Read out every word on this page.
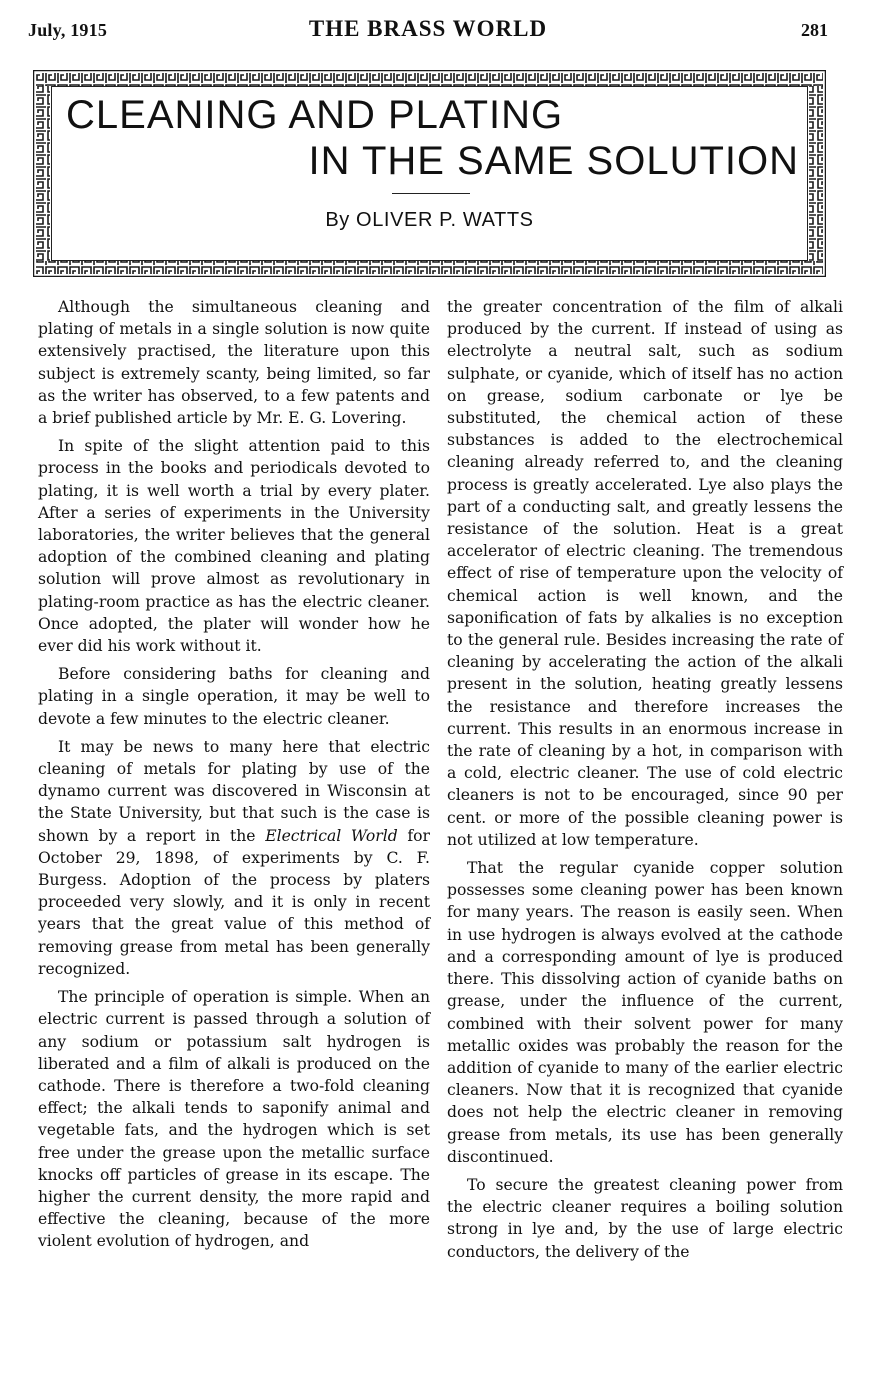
July, 1915	THE BRASS WORLD	281
CLEANING AND PLATING
IN THE SAME SOLUTION
By OLIVER P. WATTS

Although the simultaneous cleaning and plating of metals in a single solution is now quite extensively practised, the literature upon this subject is extremely scanty, being limited, so far as the writer has observed, to a few patents and a brief published article by Mr. E. G. Lovering.

In spite of the slight attention paid to this process in the books and periodicals devoted to plating, it is well worth a trial by every plater. After a series of experiments in the University laboratories, the writer believes that the general adoption of the combined cleaning and plating solution will prove almost as revolutionary in plating-room practice as has the electric cleaner. Once adopted, the plater will wonder how he ever did his work without it.

Before considering baths for cleaning and plating in a single operation, it may be well to devote a few minutes to the electric cleaner.

It may be news to many here that electric cleaning of metals for plating by use of the dynamo current was discovered in Wisconsin at the State University, but that such is the case is shown by a report in the Electrical World for October 29, 1898, of experiments by C. F. Burgess. Adoption of the process by platers proceeded very slowly, and it is only in recent years that the great value of this method of removing grease from metal has been generally recognized.

The principle of operation is simple. When an electric current is passed through a solution of any sodium or potassium salt hydrogen is liberated and a film of alkali is produced on the cathode. There is therefore a two-fold cleaning effect; the alkali tends to saponify animal and vegetable fats, and the hydrogen which is set free under the grease upon the metallic surface knocks off particles of grease in its escape. The higher the current density, the more rapid and effective the cleaning, because of the more violent evolution of hydrogen, and

the greater concentration of the film of alkali produced by the current. If instead of using as electrolyte a neutral salt, such as sodium sulphate, or cyanide, which of itself has no action on grease, sodium carbonate or lye be substituted, the chemical action of these substances is added to the electrochemical cleaning already referred to, and the cleaning process is greatly accelerated. Lye also plays the part of a conducting salt, and greatly lessens the resistance of the solution. Heat is a great accelerator of electric cleaning. The tremendous effect of rise of temperature upon the velocity of chemical action is well known, and the saponification of fats by alkalies is no exception to the general rule. Besides increasing the rate of cleaning by accelerating the action of the alkali present in the solution, heating greatly lessens the resistance and therefore increases the current. This results in an enormous increase in the rate of cleaning by a hot, in comparison with a cold, electric cleaner. The use of cold electric cleaners is not to be encouraged, since 90 per cent. or more of the possible cleaning power is not utilized at low temperature.

That the regular cyanide copper solution possesses some cleaning power has been known for many years. The reason is easily seen. When in use hydrogen is always evolved at the cathode and a corresponding amount of lye is produced there. This dissolving action of cyanide baths on grease, under the influence of the current, combined with their solvent power for many metallic oxides was probably the reason for the addition of cyanide to many of the earlier electric cleaners. Now that it is recognized that cyanide does not help the electric cleaner in removing grease from metals, its use has been generally discontinued.

To secure the greatest cleaning power from the electric cleaner requires a boiling solution strong in lye and, by the use of large electric conductors, the delivery of the
